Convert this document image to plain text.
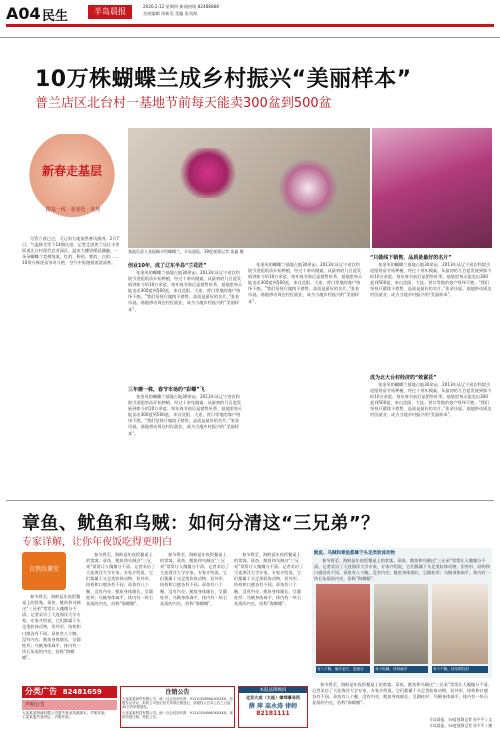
A04 民生	半岛晨报
2026.2.12 星期四 新闻热线 82488888
首席编辑 周新发 美编 张凤海
10万株蝴蝶兰成乡村振兴“美丽样本”
普兰店区北台村一基地节前每天能卖300盆到500盆
新春走基层
踏基一线 · 看变化 · 发现

尽管立春已过，可辽南大地依然寒风凛冽。2月7日，气温降至零下14摄氏度，记者走进普兰店区丰荣街道北台村现代农业园区，温室大棚里暖意融融，一朵朵蝴蝶兰竞相绽放，红的、粉的、紫的、白的……10余万株花苗争奇斗艳，空气中弥漫着淡淡清香。

基地负责人张振峰介绍蝴蝶兰。半岛晨报、39度视频记者 姜鑫 摄
创业10年，成了辽东半岛“兰花匠”

张金凤的蝴蝶兰基地占地30余亩，2013年从辽宁省农科院引进组培苗开始种植，经过十余年摸索，从最初的几百盆发展到如今的10万余盆。每年春节前后是销售旺季，基地里每天能卖出300盆到500盆，来自沈阳、大连、营口等地的客户络绎不绝。“我们坚持只做线下销售，品质是最好的名片。”张金凤说。基地带动周边村民就业，成为当地乡村振兴的“美丽样本”。

三年磨一株，春节市场的“彩蝶”飞

张金凤的蝴蝶兰基地占地30余亩，2013年从辽宁省农科院引进组培苗开始种植，经过十余年摸索，从最初的几百盆发展到如今的10万余盆。每年春节前后是销售旺季，基地里每天能卖出300盆到500盆，来自沈阳、大连、营口等地的客户络绎不绝。“我们坚持只做线下销售，品质是最好的名片。”张金凤说。基地带动周边村民就业，成为当地乡村振兴的“美丽样本”。

张金凤的蝴蝶兰基地占地30余亩，2013年从辽宁省农科院引进组培苗开始种植，经过十余年摸索，从最初的几百盆发展到如今的10万余盆。每年春节前后是销售旺季，基地里每天能卖出300盆到500盆，来自沈阳、大连、营口等地的客户络绎不绝。“我们坚持只做线下销售，品质是最好的名片。”张金凤说。基地带动周边村民就业，成为当地乡村振兴的“美丽样本”。

“只做线下销售，品质是最好的名片”

张金凤的蝴蝶兰基地占地30余亩，2013年从辽宁省农科院引进组培苗开始种植，经过十余年摸索，从最初的几百盆发展到如今的10万余盆。每年春节前后是销售旺季，基地里每天能卖出300盆到500盆，来自沈阳、大连、营口等地的客户络绎不绝。“我们坚持只做线下销售，品质是最好的名片。”张金凤说。基地带动周边村民就业，成为当地乡村振兴的“美丽样本”。

成为北大台村经济的“致富花”

张金凤的蝴蝶兰基地占地30余亩，2013年从辽宁省农科院引进组培苗开始种植，经过十余年摸索，从最初的几百盆发展到如今的10万余盆。每年春节前后是销售旺季，基地里每天能卖出300盆到500盆，来自沈阳、大连、营口等地的客户络绎不绝。“我们坚持只做线下销售，品质是最好的名片。”张金凤说。基地带动周边村民就业，成为当地乡村振兴的“美丽样本”。

章鱼、鱿鱼和乌贼：如何分清这“三兄弟”？
专家详解，让你年夜饭吃得更明白
自然的课堂

春节将至，海鲜是年夜饭餐桌上的常客。章鱼、鱿鱼和乌贼这“三兄弟”常常让人傻傻分不清。记者采访了大连海洋大学专家，专家介绍说，它们都属于头足类软体动物，但外形、结构和口感各有不同。章鱼有八个腕，没有内壳；鱿鱼身体细长，呈圆柱形；乌贼身体扁平，体内有一块石灰质的内壳，俗称“海螵蛸”。

春节将至，海鲜是年夜饭餐桌上的常客。章鱼、鱿鱼和乌贼这“三兄弟”常常让人傻傻分不清。记者采访了大连海洋大学专家，专家介绍说，它们都属于头足类软体动物，但外形、结构和口感各有不同。章鱼有八个腕，没有内壳；鱿鱼身体细长，呈圆柱形；乌贼身体扁平，体内有一块石灰质的内壳，俗称“海螵蛸”。

春节将至，海鲜是年夜饭餐桌上的常客。章鱼、鱿鱼和乌贼这“三兄弟”常常让人傻傻分不清。记者采访了大连海洋大学专家，专家介绍说，它们都属于头足类软体动物，但外形、结构和口感各有不同。章鱼有八个腕，没有内壳；鱿鱼身体细长，呈圆柱形；乌贼身体扁平，体内有一块石灰质的内壳，俗称“海螵蛸”。

春节将至，海鲜是年夜饭餐桌上的常客。章鱼、鱿鱼和乌贼这“三兄弟”常常让人傻傻分不清。记者采访了大连海洋大学专家，专家介绍说，它们都属于头足类软体动物，但外形、结构和口感各有不同。章鱼有八个腕，没有内壳；鱿鱼身体细长，呈圆柱形；乌贼身体扁平，体内有一块石灰质的内壳，俗称“海螵蛸”。

鱿鱼、乌贼和章鱼都属于头足类软体动物

春节将至，海鲜是年夜饭餐桌上的常客。章鱼、鱿鱼和乌贼这“三兄弟”常常让人傻傻分不清。记者采访了大连海洋大学专家，专家介绍说，它们都属于头足类软体动物，但外形、结构和口感各有不同。章鱼有八个腕，没有内壳；鱿鱼身体细长，呈圆柱形；乌贼身体扁平，体内有一块石灰质的内壳，俗称“海螵蛸”。

有八个腕，触手更长，更粗壮	身子似桶，体形扁平	有十个腕，体呈圆柱形
分类广告 82481659
声明公告
大连某某物流有限公司遗失营业执照副本，声明作废。
王某某遗失身份证，声明作废。
注销公告
大连某某商贸有限公司，统一社会信用代码：91210200MA0XXXXX，经股东会决议，拟向公司登记机关申请注销登记，请债权人自本公告之日起45日内申报债权。
大连某某科技有限公司，统一社会信用代码：91210204MA0XXXXX，现拟申请注销，特此公告。
本报法律顾问
北京大成（大连）律师事务所
薛 萍 高永涛 律师
82181111

春节将至，海鲜是年夜饭餐桌上的常客。章鱼、鱿鱼和乌贼这“三兄弟”常常让人傻傻分不清。记者采访了大连海洋大学专家，专家介绍说，它们都属于头足类软体动物，但外形、结构和口感各有不同。章鱼有八个腕，没有内壳；鱿鱼身体细长，呈圆柱形；乌贼身体扁平，体内有一块石灰质的内壳，俗称“海螵蛸”。

半岛晨报、39度视频记者 孙平平 / 文
半岛晨报、39度视频记者 孙平平 / 摄
